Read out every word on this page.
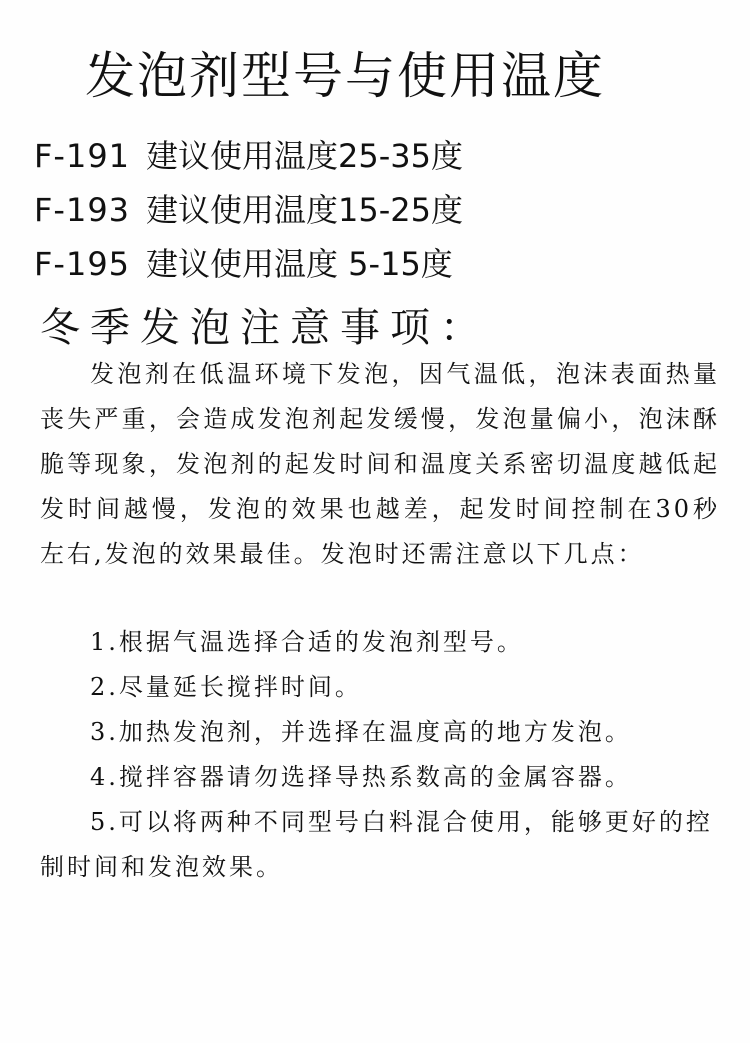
发泡剂型号与使用温度
F-191 建议使用温度25-35度
F-193 建议使用温度15-25度
F-195 建议使用温度 5-15度
冬季发泡注意事项：

发泡剂在低温环境下发泡，因气温低，泡沫表面热量丧失严重，会造成发泡剂起发缓慢，发泡量偏小，泡沫酥脆等现象，发泡剂的起发时间和温度关系密切温度越低起发时间越慢，发泡的效果也越差，起发时间控制在30秒左右,发泡的效果最佳。发泡时还需注意以下几点：

1.根据气温选择合适的发泡剂型号。
2.尽量延长搅拌时间。
3.加热发泡剂，并选择在温度高的地方发泡。
4.搅拌容器请勿选择导热系数高的金属容器。
5.可以将两种不同型号白料混合使用，能够更好的控制时间和发泡效果。
